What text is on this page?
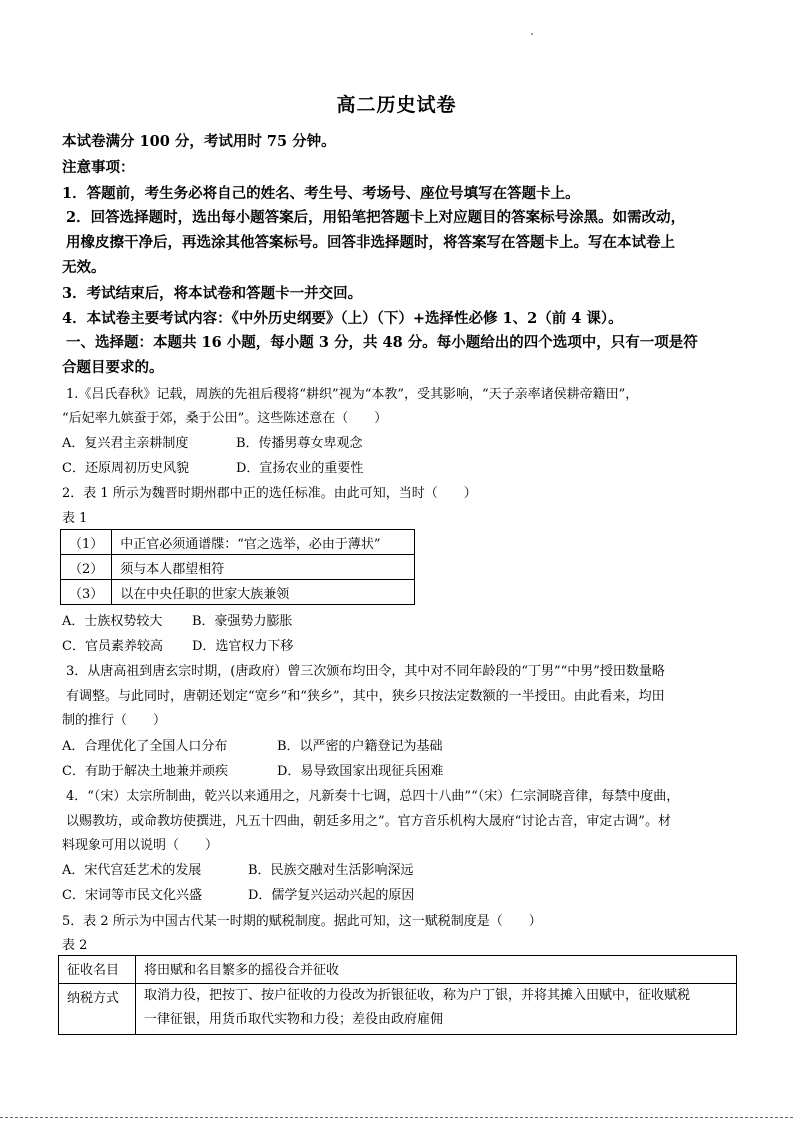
高二历史试卷
本试卷满分 100 分，考试用时 75 分钟。
注意事项：
1．答题前，考生务必将自己的姓名、考生号、考场号、座位号填写在答题卡上。
2．回答选择题时，选出每小题答案后，用铅笔把答题卡上对应题目的答案标号涂黑。如需改动，
用橡皮擦干净后，再选涂其他答案标号。回答非选择题时，将答案写在答题卡上。写在本试卷上
无效。
3．考试结束后，将本试卷和答题卡一并交回。
4．本试卷主要考试内容：《中外历史纲要》（上）（下）+选择性必修 1、2（前 4 课）。
一、选择题：本题共 16 小题，每小题 3 分，共 48 分。每小题给出的四个选项中，只有一项是符
合题目要求的。
1.《吕氏春秋》记载，周族的先祖后稷将“耕织”视为“本教”，受其影响，“天子亲率诸侯耕帝籍田”，
“后妃率九嫔蚕于郊，桑于公田”。这些陈述意在（　　）
A．复兴君主亲耕制度	B．传播男尊女卑观念
C．还原周初历史风貌	D．宣扬农业的重要性
2．表 1 所示为魏晋时期州郡中正的选任标准。由此可知，当时（　　）
表 1
（1）	中正官必须通谱牒：“官之选举，必由于薄状”
（2）	须与本人郡望相符
（3）	以在中央任职的世家大族兼领
A．士族权势较大 B．豪强势力膨胀
C．官员素养较高 D．选官权力下移
3．从唐高祖到唐玄宗时期，(唐政府）曾三次颁布均田令，其中对不同年龄段的“丁男”“中男”授田数量略
有调整。与此同时，唐朝还划定“宽乡”和“狭乡”，其中，狭乡只按法定数额的一半授田。由此看来，均田
制的推行（　　）
A．合理优化了全国人口分布	B．以严密的户籍登记为基础
C．有助于解决土地兼并顽疾	D．易导致国家出现征兵困难
4．“（宋）太宗所制曲，乾兴以来通用之，凡新奏十七调，总四十八曲”“（宋）仁宗洞晓音律，每禁中度曲，
以赐教坊，或命教坊使撰进，凡五十四曲，朝廷多用之”。官方音乐机构大晟府“讨论古音，审定古调”。材
料现象可用以说明（　　）
A．宋代宫廷艺术的发展	B．民族交融对生活影响深远
C．宋词等市民文化兴盛	D．儒学复兴运动兴起的原因
5．表 2 所示为中国古代某一时期的赋税制度。据此可知，这一赋税制度是（　　）
表 2
征收名目	将田赋和名目繁多的摇役合并征收
纳税方式	取消力役，把按丁、按户征收的力役改为折银征收，称为户丁银，并将其摊入田赋中，征收赋税
一律征银，用货币取代实物和力役；差役由政府雇佣
